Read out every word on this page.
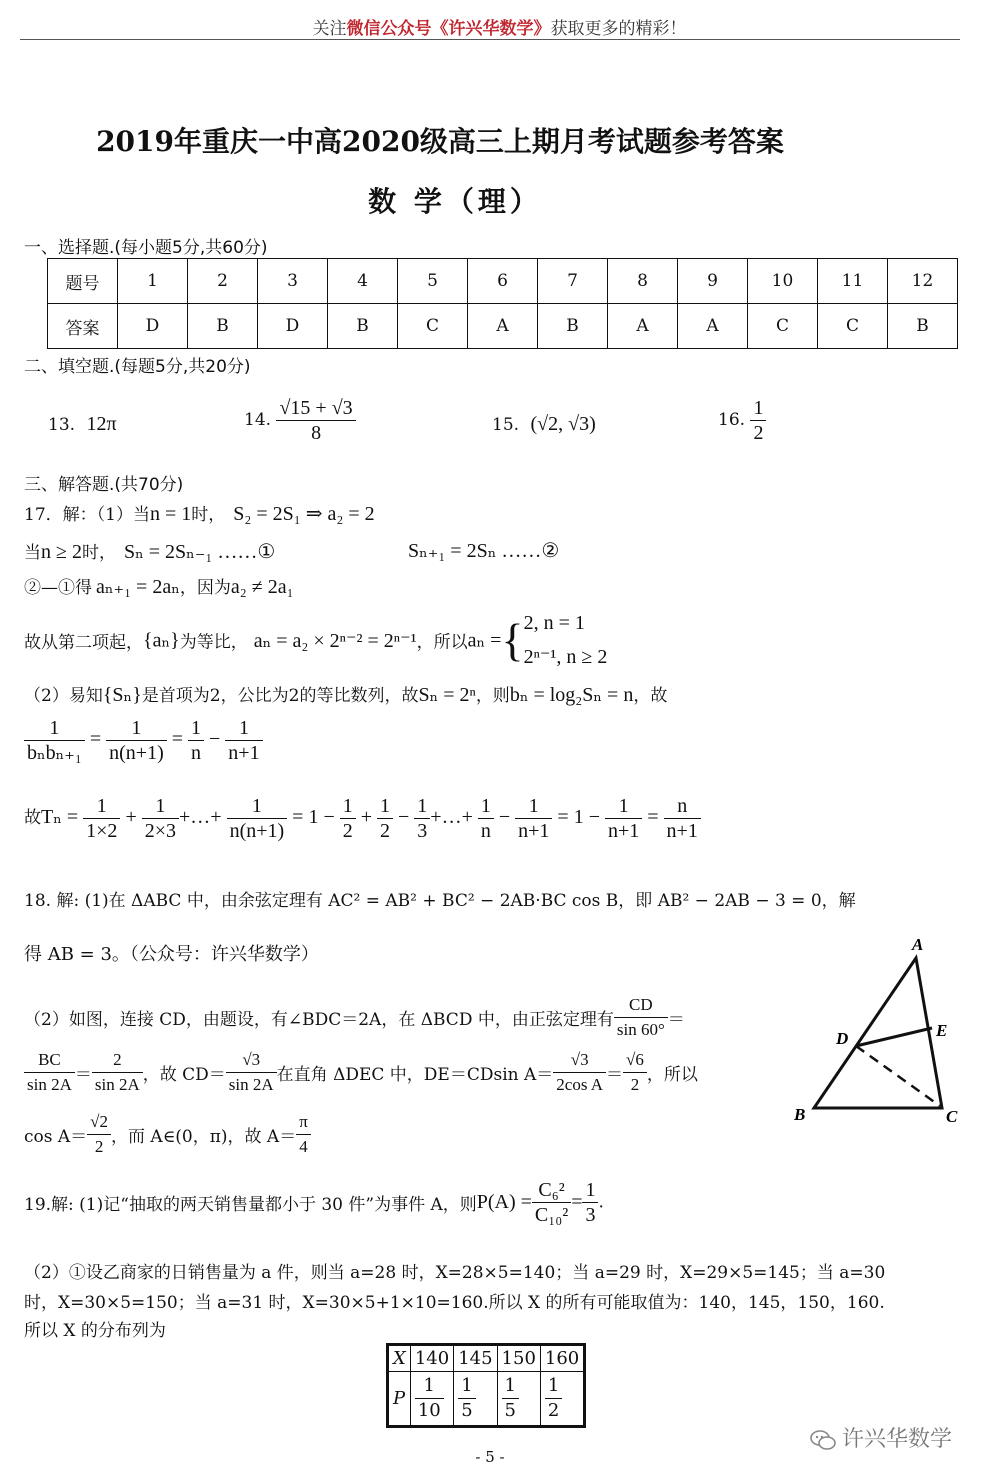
关注微信公众号《许兴华数学》获取更多的精彩！
2019年重庆一中高2020级高三上期月考试题参考答案
数 学（理）
一、选择题.(每小题5分,共60分)
题号	1	2	3	4	5	6	7	8	9	10	11	12
答案	D	B	D	B	C	A	B	A	A	C	C	B
二、填空题.(每题5分,共20分)
13. 12π	14. $\frac{√15 + √3}{8}$	15. (√2, √3)	16. $\frac{1}{2}$
三、解答题.(共70分)
17．解：（1）当n = 1时， S₂ = 2S₁ ⇒ a₂ = 2
当n ≥ 2时， Sₙ = 2Sₙ₋₁ ……①	Sₙ₊₁ = 2Sₙ ……②
②—①得 aₙ₊₁ = 2aₙ，因为a₂ ≠ 2a₁
故从第二项起，{aₙ}为等比， aₙ = a₂ × 2ⁿ⁻² = 2ⁿ⁻¹，所以aₙ ={ 2, n = 1
2ⁿ⁻¹, n ≥ 2
（2）易知{Sₙ}是首项为2，公比为2的等比数列，故Sₙ = 2ⁿ，则bₙ = log₂Sₙ = n，故
$\frac{1}{\text{bₙbₙ₊₁}} = \frac{1}{n(n+1)} = \frac{1}{n} - \frac{1}{n+1}$
故$T_n = \frac{1}{1\times 2} + \frac{1}{2\times 3}$ +…+ $\frac{1}{n(n+1)} = 1 - \frac{1}{2} + \frac{1}{2} - \frac{1}{3}$ +…+ $\frac{1}{n} - \frac{1}{n+1} = 1 - \frac{1}{n+1} = \frac{n}{n+1}$
18. 解: (1)在 ΔABC 中，由余弦定理有 AC² = AB² + BC² − 2AB·BC cos B，即 AB² − 2AB − 3 = 0，解
得 AB = 3。（公众号：许兴华数学）
（2）如图，连接 CD，由题设，有∠BDC＝2A，在 ΔBCD 中，由正弦定理有 $\frac{CD}{\sin 60^\circ}$ ＝
$\frac{BC}{\sin 2A} = \frac{2}{\sin 2A}$ ，故 $CD= \frac{√3}{\sin 2A}$ 在直角 ΔDEC 中，DE＝CDsin $A= \frac{√3}{\text{2cos A}} = \frac{√6}{2}$ ，所以
$\cos A= \frac{√2}{2}$ ，而 A∈(0，π)，故 $A= \frac{\pi}{4}$
A
D	E
B	C
19.解: (1)记“抽取的两天销售量都小于 30 件”为事件 A，则$P(A) = \frac{\text{C₆²}}{\text{C₁₀²}} = \frac{1}{3}$ .
（2）①设乙商家的日销售量为 a 件，则当 a=28 时，X=28×5=140；当 a=29 时，X=29×5=145；当 a=30
时，X=30×5=150；当 a=31 时，X=30×5+1×10=160.所以 X 的所有可能取值为：140，145，150，160.
所以 X 的分布列为
X	140	145	150	160
P	$\frac{1}{10}$	$\frac{1}{5}$	$\frac{1}{5}$	$\frac{1}{2}$
许兴华数学
- 5 -
